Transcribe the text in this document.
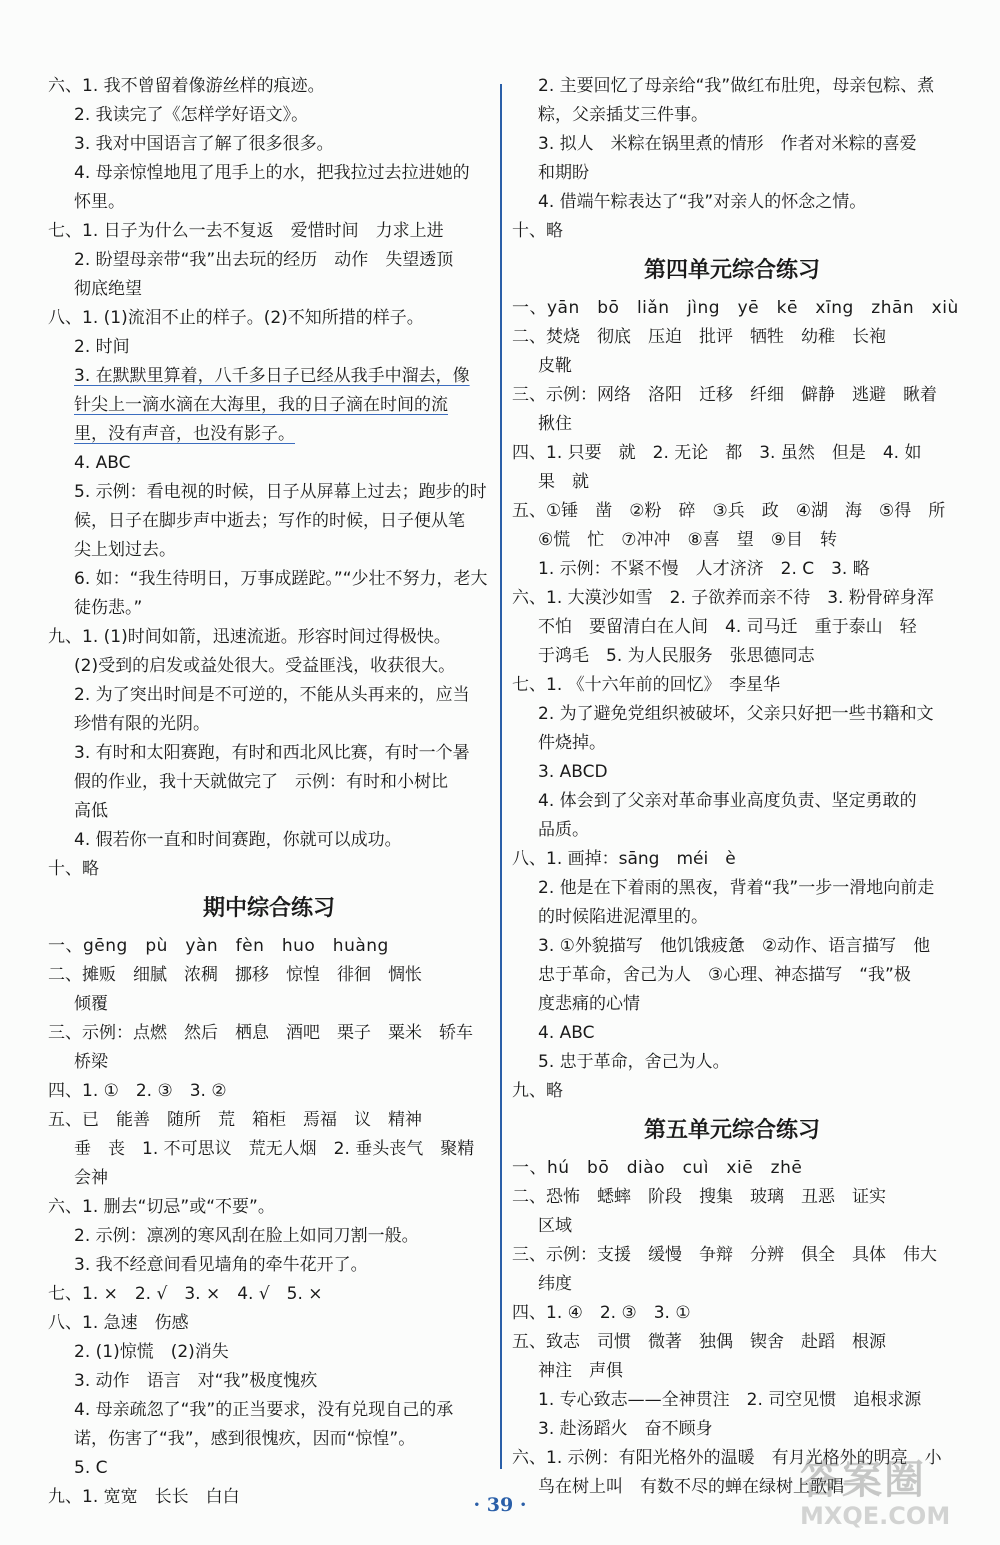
六、1. 我不曾留着像游丝样的痕迹。
2. 我读完了《怎样学好语文》。
3. 我对中国语言了解了很多很多。
4. 母亲惊惶地甩了甩手上的水，把我拉过去拉进她的
怀里。
七、1. 日子为什么一去不复返　爱惜时间　力求上进
2. 盼望母亲带“我”出去玩的经历　动作　失望透顶
彻底绝望
八、1. (1)流泪不止的样子。(2)不知所措的样子。
2. 时间
3. 在默默里算着，八千多日子已经从我手中溜去，像
针尖上一滴水滴在大海里，我的日子滴在时间的流
里，没有声音，也没有影子。
4. ABC
5. 示例：看电视的时候，日子从屏幕上过去；跑步的时
候，日子在脚步声中逝去；写作的时候，日子便从笔
尖上划过去。
6. 如：“我生待明日，万事成蹉跎。”“少壮不努力，老大
徒伤悲。”
九、1. (1)时间如箭，迅速流逝。形容时间过得极快。
(2)受到的启发或益处很大。受益匪浅，收获很大。
2. 为了突出时间是不可逆的，不能从头再来的，应当
珍惜有限的光阴。
3. 有时和太阳赛跑，有时和西北风比赛，有时一个暑
假的作业，我十天就做完了　示例：有时和小树比
高低
4. 假若你一直和时间赛跑，你就可以成功。
十、略
期中综合练习
一、gēng　pù　yàn　fèn　huo　huàng
二、摊贩　细腻　浓稠　挪移　惊惶　徘徊　惆怅
倾覆
三、示例：点燃　然后　栖息　酒吧　栗子　粟米　轿车
桥梁
四、1. ①　2. ③　3. ②
五、已　能善　随所　荒　箱柜　焉福　议　精神
垂　丧　1. 不可思议　荒无人烟　2. 垂头丧气　聚精
会神
六、1. 删去“切忌”或“不要”。
2. 示例：凛冽的寒风刮在脸上如同刀割一般。
3. 我不经意间看见墙角的牵牛花开了。
七、1. ×　2. √　3. ×　4. √　5. ×
八、1. 急速　伤感
2. (1)惊慌　(2)消失
3. 动作　语言　对“我”极度愧疚
4. 母亲疏忽了“我”的正当要求，没有兑现自己的承
诺，伤害了“我”，感到很愧疚，因而“惊惶”。
5. C
九、1. 宽宽　长长　白白
2. 主要回忆了母亲给“我”做红布肚兜，母亲包粽、煮
粽，父亲插艾三件事。
3. 拟人　米粽在锅里煮的情形　作者对米粽的喜爱
和期盼
4. 借端午粽表达了“我”对亲人的怀念之情。
十、略
第四单元综合练习
一、yān　bō　liǎn　jìng　yē　kē　xīng　zhān　xiù
二、焚烧　彻底　压迫　批评　牺牲　幼稚　长袍
皮靴
三、示例：网络　洛阳　迁移　纤细　僻静　逃避　瞅着
揪住
四、1. 只要　就　2. 无论　都　3. 虽然　但是　4. 如
果　就
五、①锤　凿　②粉　碎　③兵　政　④湖　海　⑤得　所
⑥慌　忙　⑦冲冲　⑧喜　望　⑨目　转
1. 示例：不紧不慢　人才济济　2. C　3. 略
六、1. 大漠沙如雪　2. 子欲养而亲不待　3. 粉骨碎身浑
不怕　要留清白在人间　4. 司马迁　重于泰山　轻
于鸿毛　5. 为人民服务　张思德同志
七、1. 《十六年前的回忆》　李星华
2. 为了避免党组织被破坏，父亲只好把一些书籍和文
件烧掉。
3. ABCD
4. 体会到了父亲对革命事业高度负责、坚定勇敢的
品质。
八、1. 画掉：sāng　méi　è
2. 他是在下着雨的黑夜，背着“我”一步一滑地向前走
的时候陷进泥潭里的。
3. ①外貌描写　他饥饿疲惫　②动作、语言描写　他
忠于革命，舍己为人　③心理、神态描写　“我”极
度悲痛的心情
4. ABC
5. 忠于革命，舍己为人。
九、略
第五单元综合练习
一、hú　bō　diào　cuì　xiē　zhē
二、恐怖　蟋蟀　阶段　搜集　玻璃　丑恶　证实
区域
三、示例：支援　缓慢　争辩　分辨　俱全　具体　伟大
纬度
四、1. ④　2. ③　3. ①
五、致志　司惯　微著　独偶　锲舍　赴蹈　根源
神注　声俱
1. 专心致志——全神贯注　2. 司空见惯　追根求源
3. 赴汤蹈火　奋不顾身
六、1. 示例：有阳光格外的温暖　有月光格外的明亮　小
鸟在树上叫　有数不尽的蝉在绿树上歌唱
· 39 ·
答案圈
MXQE.COM
